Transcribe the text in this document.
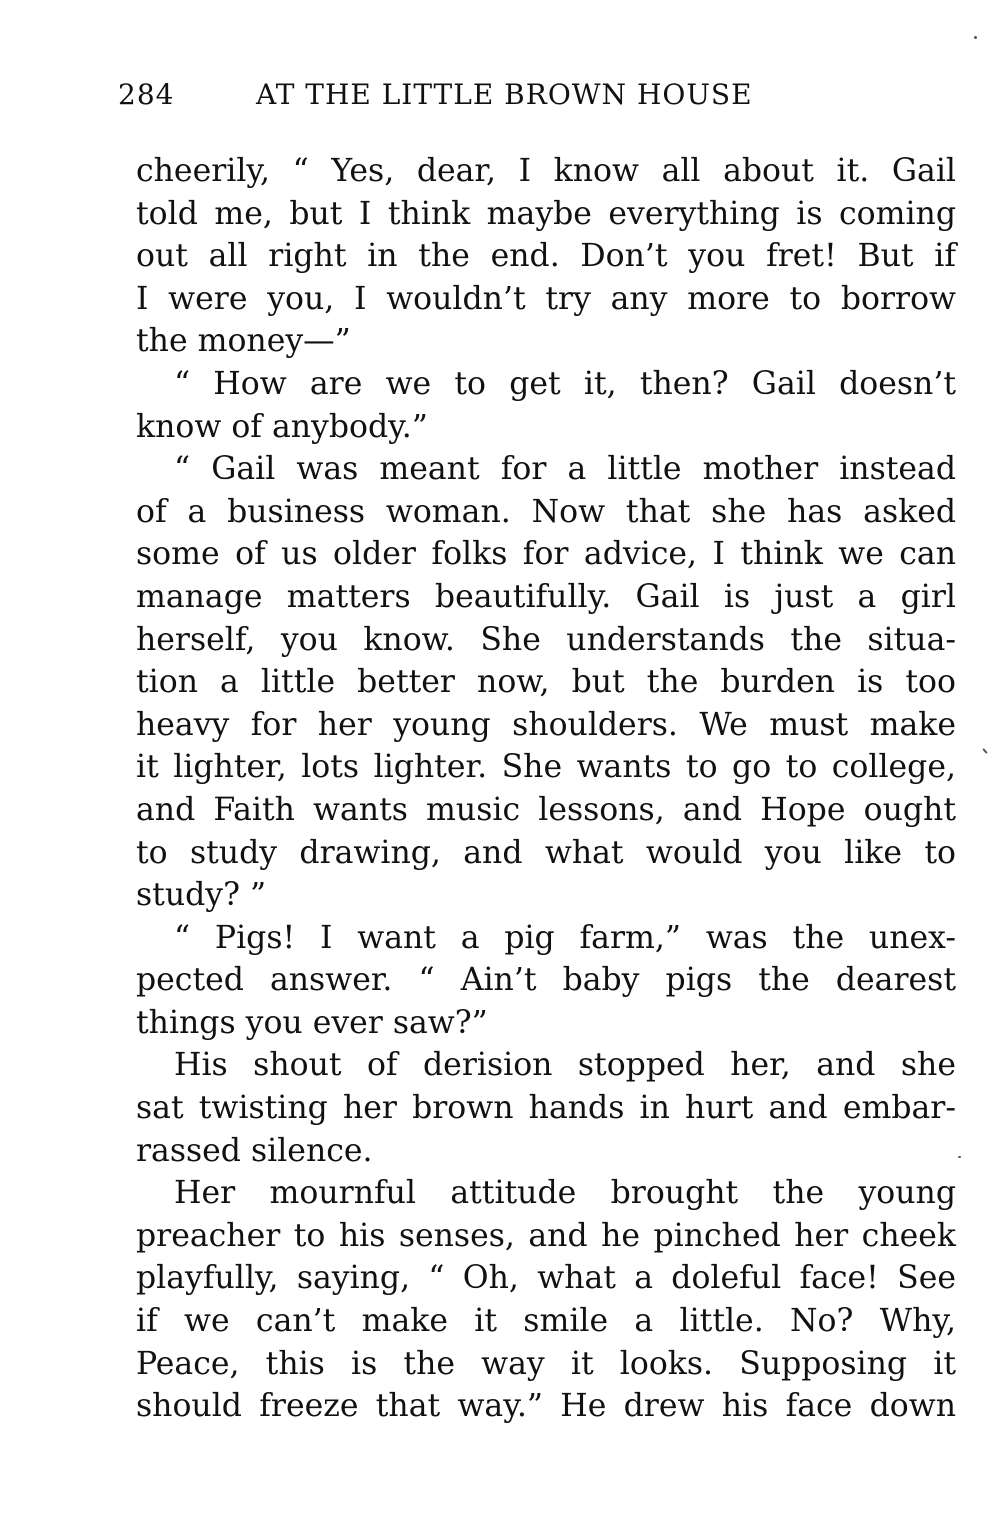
284	AT THE LITTLE BROWN HOUSE
cheerily, “ Yes, dear, I know all about it. Gail
told me, but I think maybe everything is coming
out all right in the end. Don’t you fret! But if
I were you, I wouldn’t try any more to borrow
the money—”
“ How are we to get it, then? Gail doesn’t
know of anybody.”
“ Gail was meant for a little mother instead
of a business woman. Now that she has asked
some of us older folks for advice, I think we can
manage matters beautifully. Gail is just a girl
herself, you know. She understands the situa-
tion a little better now, but the burden is too
heavy for her young shoulders. We must make
it lighter, lots lighter. She wants to go to college,
and Faith wants music lessons, and Hope ought
to study drawing, and what would you like to
study? ”
“ Pigs! I want a pig farm,” was the unex-
pected answer. “ Ain’t baby pigs the dearest
things you ever saw?”
His shout of derision stopped her, and she
sat twisting her brown hands in hurt and embar-
rassed silence.
Her mournful attitude brought the young
preacher to his senses, and he pinched her cheek
playfully, saying, “ Oh, what a doleful face! See
if we can’t make it smile a little. No? Why,
Peace, this is the way it looks. Supposing it
should freeze that way.” He drew his face down
